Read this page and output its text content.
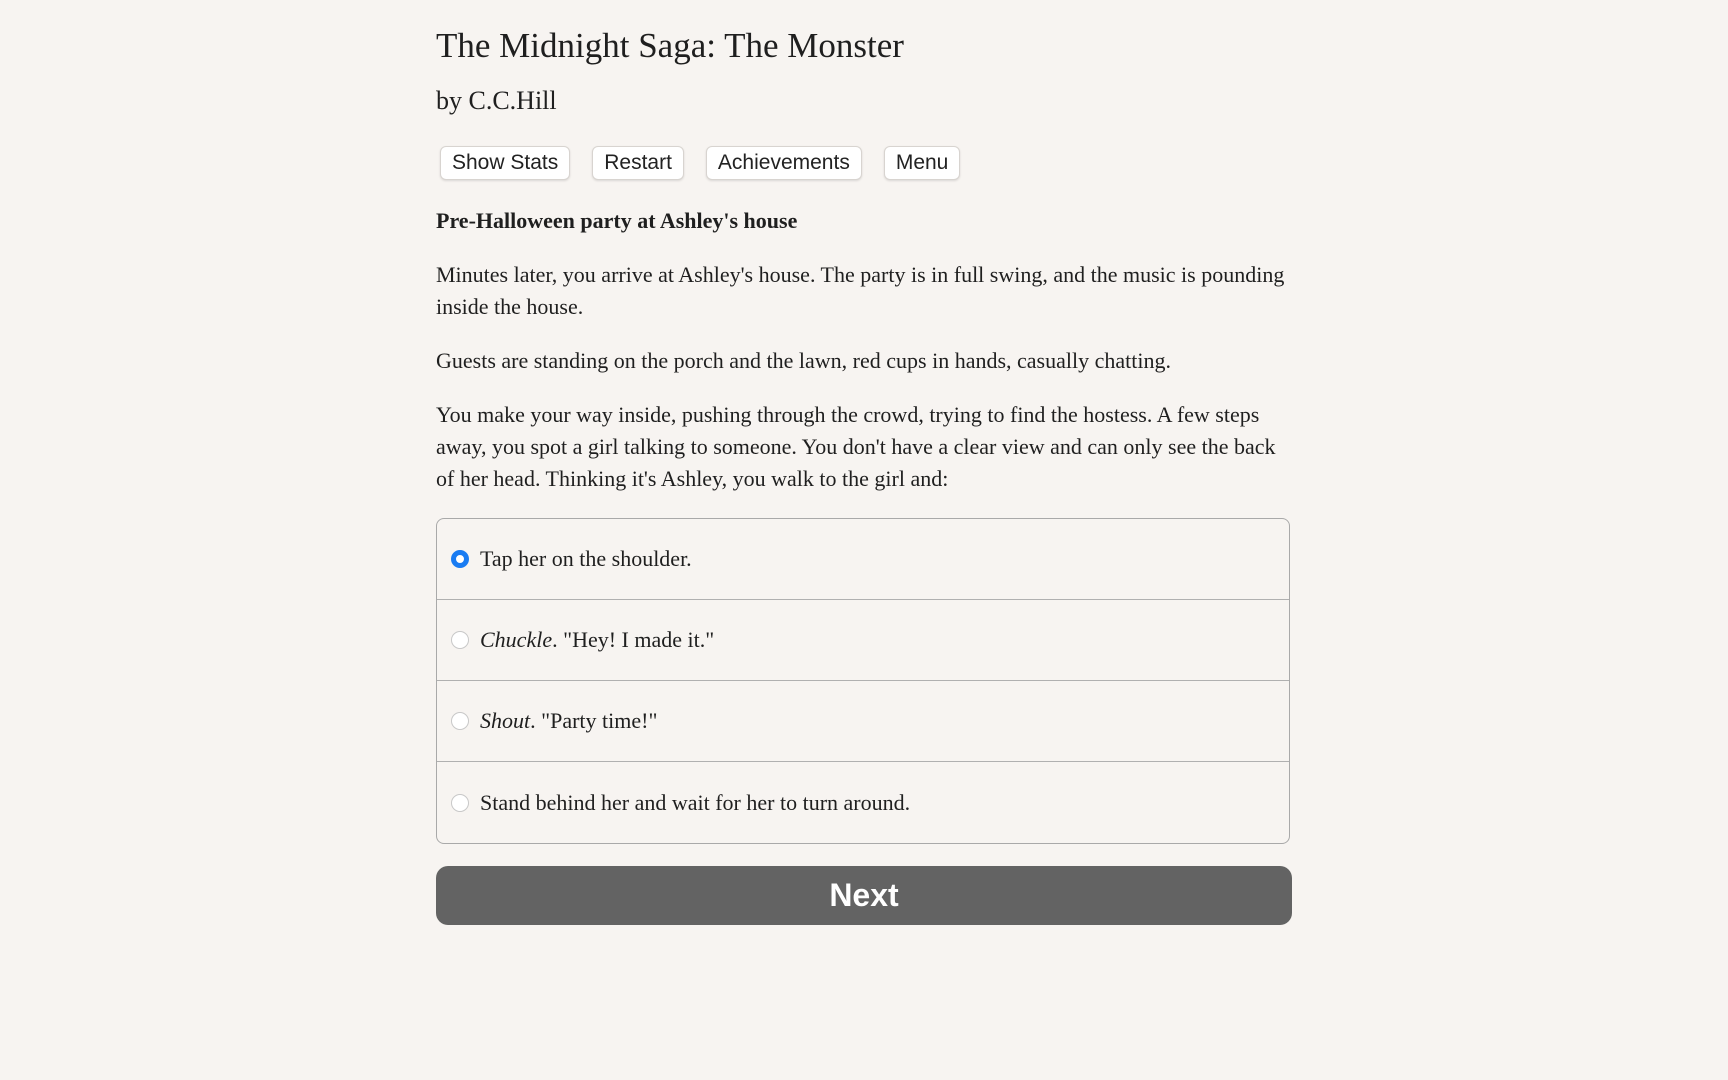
The Midnight Saga: The Monster

by C.C.Hill

Show Stats	Restart	Achievements	Menu

Pre-Halloween party at Ashley's house

Minutes later, you arrive at Ashley's house. The party is in full swing, and the music is pounding inside the house.

Guests are standing on the porch and the lawn, red cups in hands, casually chatting.

You make your way inside, pushing through the crowd, trying to find the hostess. A few steps away, you spot a girl talking to someone. You don't have a clear view and can only see the back of her head. Thinking it's Ashley, you walk to the girl and:

Tap her on the shoulder.
Chuckle. "Hey! I made it."
Shout. "Party time!"
Stand behind her and wait for her to turn around.
Next
